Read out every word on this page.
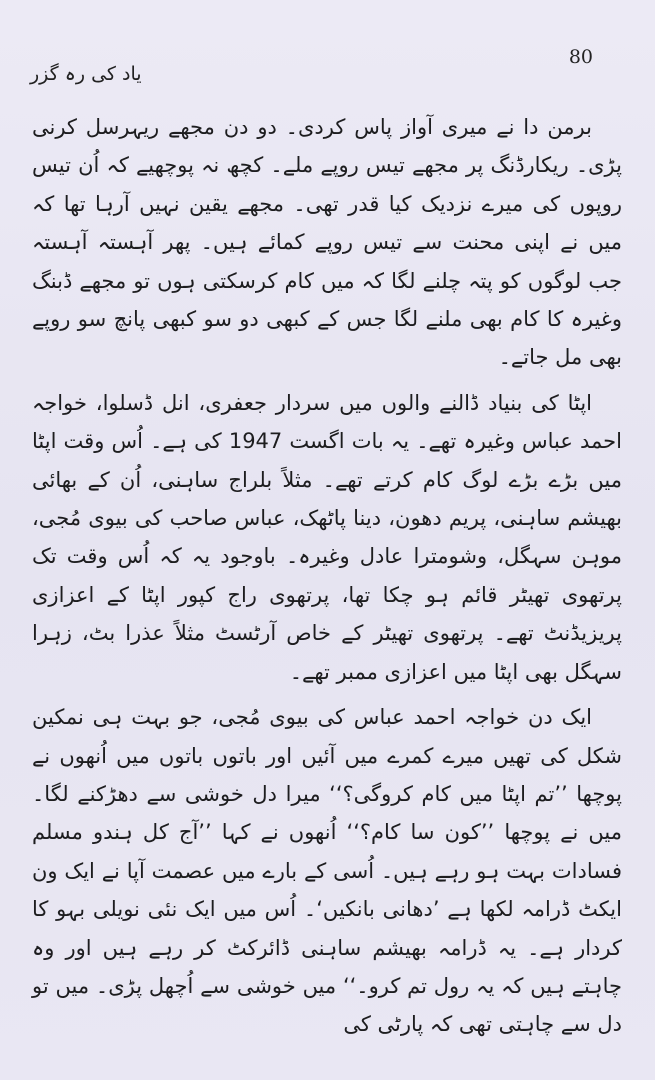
یاد کی رہ گزر
80

برمن دا نے میری آواز پاس کردی۔ دو دن مجھے ریہرسل کرنی پڑی۔ ریکارڈنگ پر مجھے تیس روپے ملے۔ کچھ نہ پوچھیے کہ اُن تیس روپوں کی میرے نزدیک کیا قدر تھی۔ مجھے یقین نہیں آرہا تھا کہ میں نے اپنی محنت سے تیس روپے کمائے ہیں۔ پھر آہستہ آہستہ جب لوگوں کو پتہ چلنے لگا کہ میں کام کرسکتی ہوں تو مجھے ڈبنگ وغیرہ کا کام بھی ملنے لگا جس کے کبھی دو سو کبھی پانچ سو روپے بھی مل جاتے۔

اپٹا کی بنیاد ڈالنے والوں میں سردار جعفری، انل ڈسلوا، خواجہ احمد عباس وغیرہ تھے۔ یہ بات اگست 1947 کی ہے۔ اُس وقت اپٹا میں بڑے بڑے لوگ کام کرتے تھے۔ مثلاً بلراج ساہنی، اُن کے بھائی بھیشم ساہنی، پریم دھون، دینا پاٹھک، عباس صاحب کی بیوی مُجی، موہن سہگل، وشومترا عادل وغیرہ۔ باوجود یہ کہ اُس وقت تک پرتھوی تھیٹر قائم ہو چکا تھا، پرتھوی راج کپور اپٹا کے اعزازی پریزیڈنٹ تھے۔ پرتھوی تھیٹر کے خاص آرٹسٹ مثلاً عذرا بٹ، زہرا سہگل بھی اپٹا میں اعزازی ممبر تھے۔

ایک دن خواجہ احمد عباس کی بیوی مُجی، جو بہت ہی نمکین شکل کی تھیں میرے کمرے میں آئیں اور باتوں باتوں میں اُنھوں نے پوچھا ’’تم اپٹا میں کام کروگی؟‘‘ میرا دل خوشی سے دھڑکنے لگا۔ میں نے پوچھا ’’کون سا کام؟‘‘ اُنھوں نے کہا ’’آج کل ہندو مسلم فسادات بہت ہو رہے ہیں۔ اُسی کے بارے میں عصمت آپا نے ایک ون ایکٹ ڈرامہ لکھا ہے ’دھانی بانکیں‘۔ اُس میں ایک نئی نویلی بہو کا کردار ہے۔ یہ ڈرامہ بھیشم ساہنی ڈائرکٹ کر رہے ہیں اور وہ چاہتے ہیں کہ یہ رول تم کرو۔‘‘ میں خوشی سے اُچھل پڑی۔ میں تو دل سے چاہتی تھی کہ پارٹی کی
